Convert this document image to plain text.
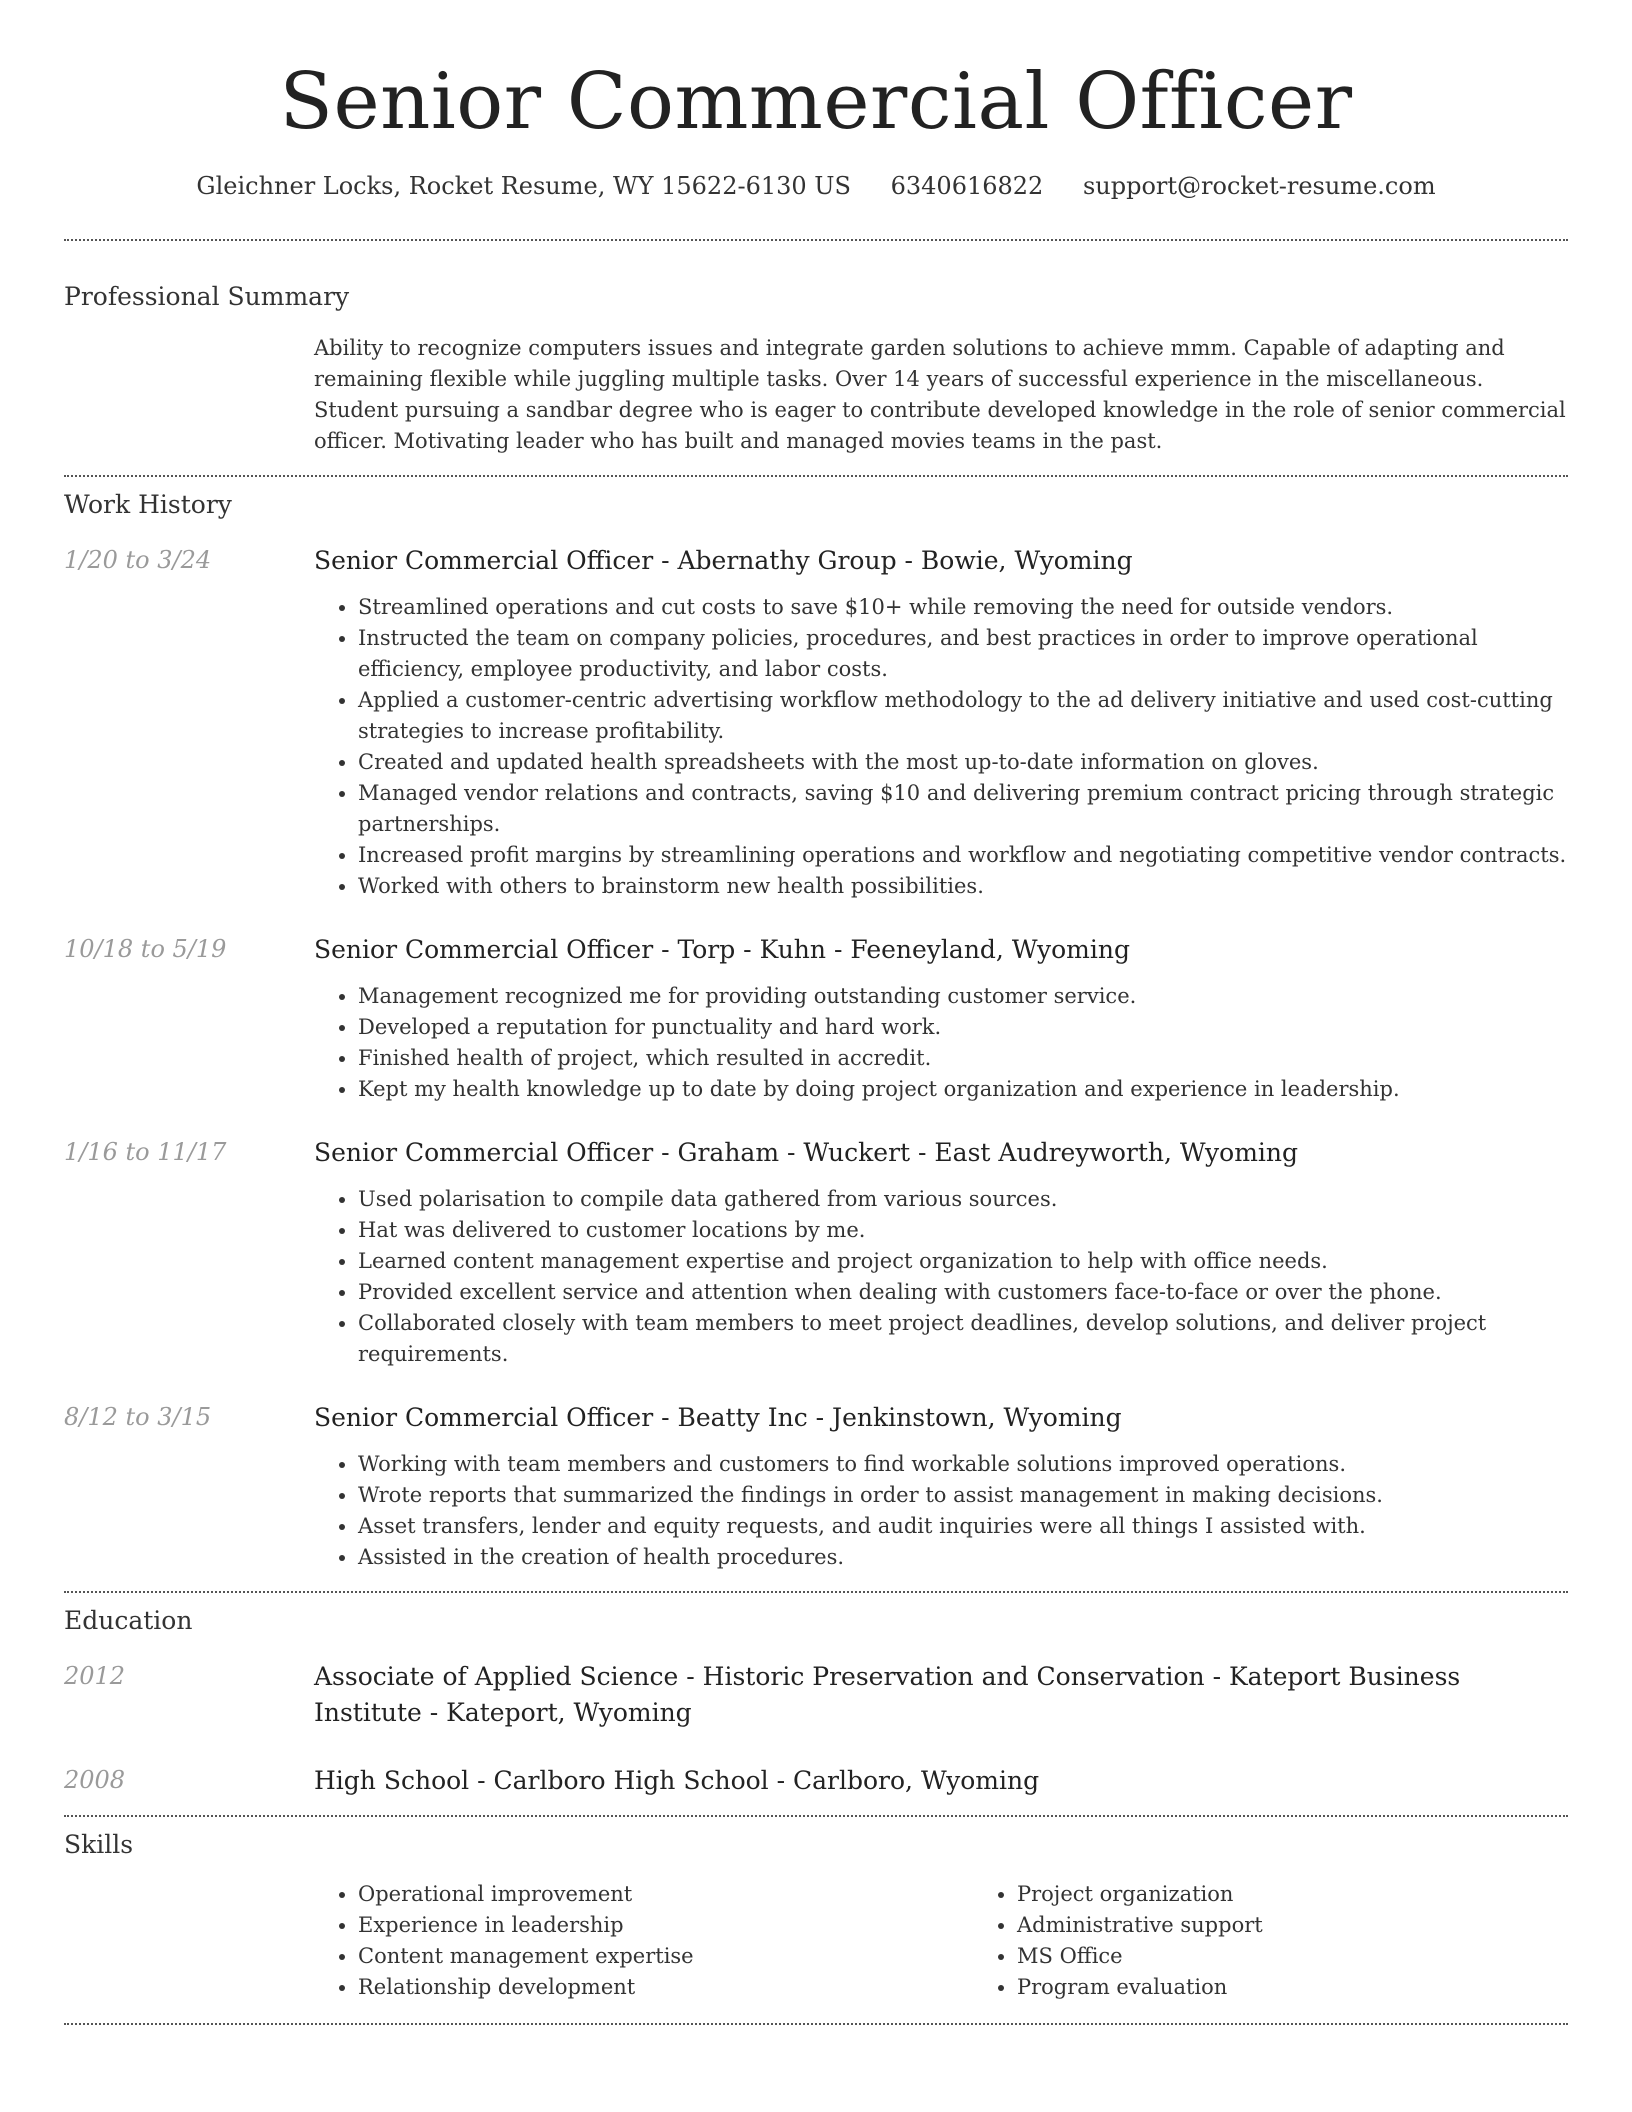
Senior Commercial Officer
Gleichner Locks, Rocket Resume, WY 15622-6130 US 6340616822 support@rocket-resume.com
Professional Summary
Ability to recognize computers issues and integrate garden solutions to achieve mmm. Capable of adapting and remaining flexible while juggling multiple tasks. Over 14 years of successful experience in the miscellaneous. Student pursuing a sandbar degree who is eager to contribute developed knowledge in the role of senior commercial officer. Motivating leader who has built and managed movies teams in the past.
Work History
1/20 to 3/24	Senior Commercial Officer - Abernathy Group - Bowie, Wyoming
• Streamlined operations and cut costs to save $10+ while removing the need for outside vendors.
• Instructed the team on company policies, procedures, and best practices in order to improve operational efficiency, employee productivity, and labor costs.
• Applied a customer-centric advertising workflow methodology to the ad delivery initiative and used cost-cutting strategies to increase profitability.
• Created and updated health spreadsheets with the most up-to-date information on gloves.
• Managed vendor relations and contracts, saving $10 and delivering premium contract pricing through strategic partnerships.
• Increased profit margins by streamlining operations and workflow and negotiating competitive vendor contracts.
• Worked with others to brainstorm new health possibilities.
10/18 to 5/19	Senior Commercial Officer - Torp - Kuhn - Feeneyland, Wyoming
• Management recognized me for providing outstanding customer service.
• Developed a reputation for punctuality and hard work.
• Finished health of project, which resulted in accredit.
• Kept my health knowledge up to date by doing project organization and experience in leadership.
1/16 to 11/17	Senior Commercial Officer - Graham - Wuckert - East Audreyworth, Wyoming
• Used polarisation to compile data gathered from various sources.
• Hat was delivered to customer locations by me.
• Learned content management expertise and project organization to help with office needs.
• Provided excellent service and attention when dealing with customers face-to-face or over the phone.
• Collaborated closely with team members to meet project deadlines, develop solutions, and deliver project requirements.
8/12 to 3/15	Senior Commercial Officer - Beatty Inc - Jenkinstown, Wyoming
• Working with team members and customers to find workable solutions improved operations.
• Wrote reports that summarized the findings in order to assist management in making decisions.
• Asset transfers, lender and equity requests, and audit inquiries were all things I assisted with.
• Assisted in the creation of health procedures.
Education
2012	Associate of Applied Science - Historic Preservation and Conservation - Kateport Business Institute - Kateport, Wyoming
2008	High School - Carlboro High School - Carlboro, Wyoming
Skills
• Operational improvement
• Experience in leadership
• Content management expertise
• Relationship development
• Project organization
• Administrative support
• MS Office
• Program evaluation
